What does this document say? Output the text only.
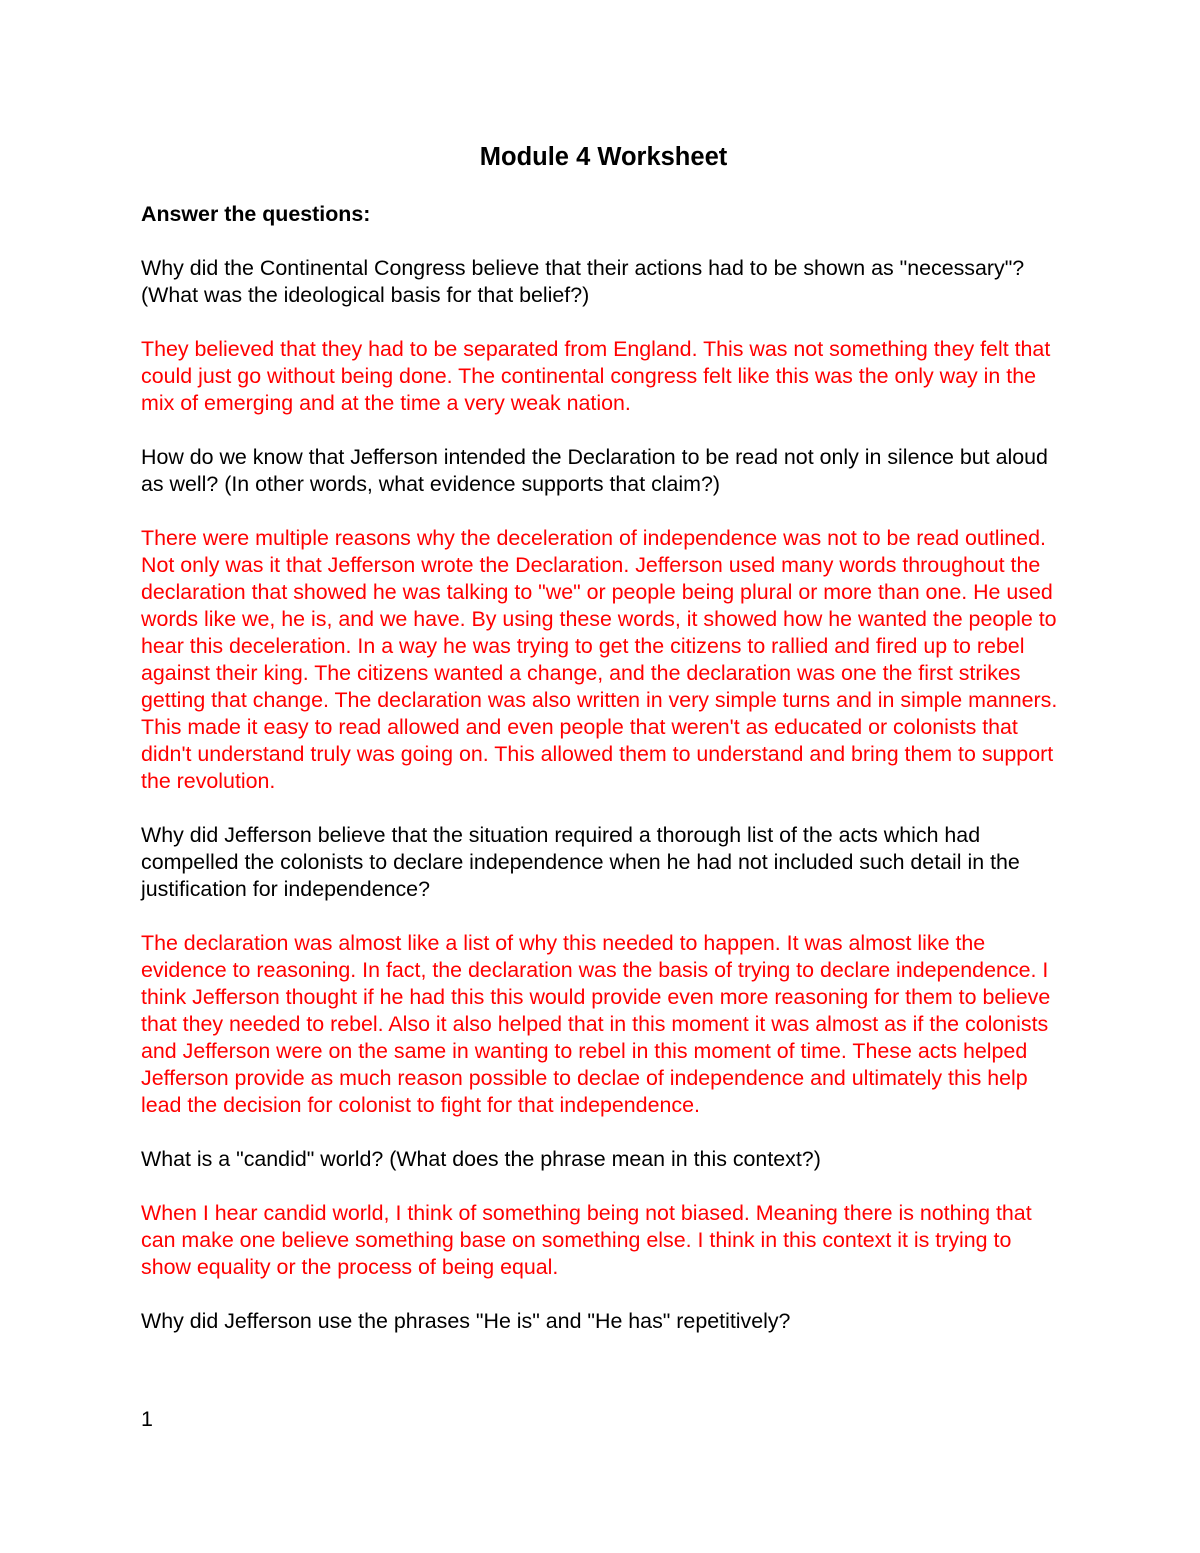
Module 4 Worksheet
Answer the questions:
Why did the Continental Congress believe that their actions had to be shown as "necessary"? (What was the ideological basis for that belief?)
They believed that they had to be separated from England. This was not something they felt that could just go without being done. The continental congress felt like this was the only way in the mix of emerging and at the time a very weak nation.
How do we know that Jefferson intended the Declaration to be read not only in silence but aloud as well? (In other words, what evidence supports that claim?)
There were multiple reasons why the deceleration of independence was not to be read outlined. Not only was it that Jefferson wrote the Declaration. Jefferson used many words throughout the declaration that showed he was talking to "we" or people being plural or more than one. He used words like we, he is, and we have. By using these words, it showed how he wanted the people to hear this deceleration. In a way he was trying to get the citizens to rallied and fired up to rebel against their king. The citizens wanted a change, and the declaration was one the first strikes getting that change. The declaration was also written in very simple turns and in simple manners. This made it easy to read allowed and even people that weren't as educated or colonists that didn't understand truly was going on. This allowed them to understand and bring them to support the revolution.
Why did Jefferson believe that the situation required a thorough list of the acts which had compelled the colonists to declare independence when he had not included such detail in the justification for independence?
The declaration was almost like a list of why this needed to happen. It was almost like the evidence to reasoning. In fact, the declaration was the basis of trying to declare independence. I think Jefferson thought if he had this this would provide even more reasoning for them to believe that they needed to rebel. Also it also helped that in this moment it was almost as if the colonists and Jefferson were on the same in wanting to rebel in this moment of time. These acts helped Jefferson provide as much reason possible to declae of independence and ultimately this help lead the decision for colonist to fight for that independence.
What is a "candid" world? (What does the phrase mean in this context?)
When I hear candid world, I think of something being not biased. Meaning there is nothing that can make one believe something base on something else. I think in this context it is trying to show equality or the process of being equal.
Why did Jefferson use the phrases "He is" and "He has" repetitively?
1
